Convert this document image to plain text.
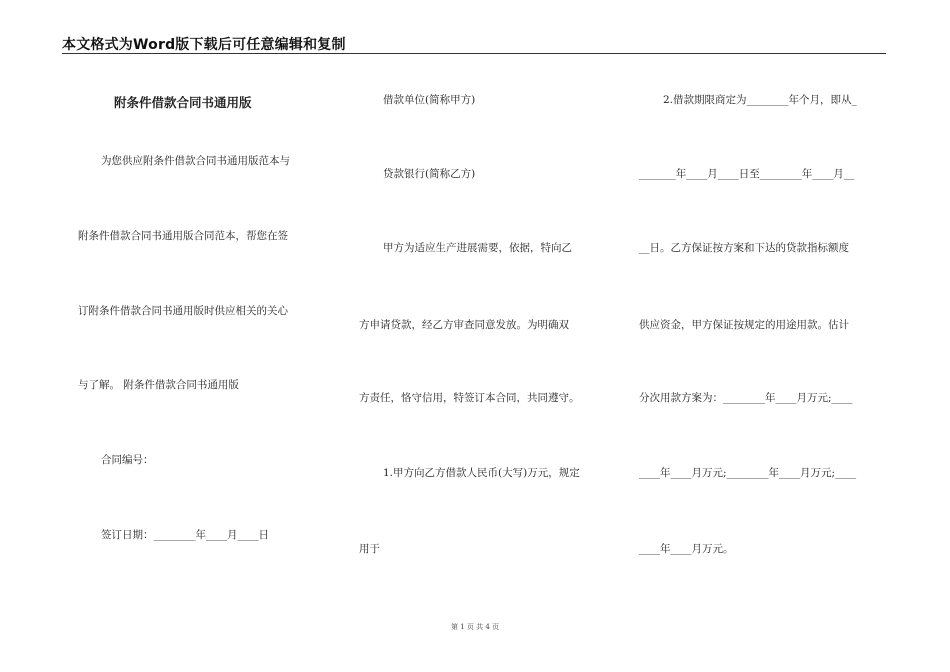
本文格式为Word版下载后可任意编辑和复制
附条件借款合同书通用版
为您供应附条件借款合同书通用版范本与
附条件借款合同书通用版合同范本，帮您在签
订附条件借款合同书通用版时供应相关的关心
与了解。 附条件借款合同书通用版
合同编号：
签订日期：________年____月____日
借款单位(简称甲方)
贷款银行(简称乙方)
甲方为适应生产进展需要，依据，特向乙
方申请贷款，经乙方审查同意发放。为明确双
方责任，恪守信用，特签订本合同，共同遵守。
1.甲方向乙方借款人民币(大写)万元，规定
用于
2.借款期限商定为________年个月，即从_
_______年____月____日至________年____月__
__日。乙方保证按方案和下达的贷款指标额度
供应资金，甲方保证按规定的用途用款。估计
分次用款方案为：________年____月万元;____
____年____月万元;________年____月万元;____
____年____月万元。
第 1 页 共 4 页
